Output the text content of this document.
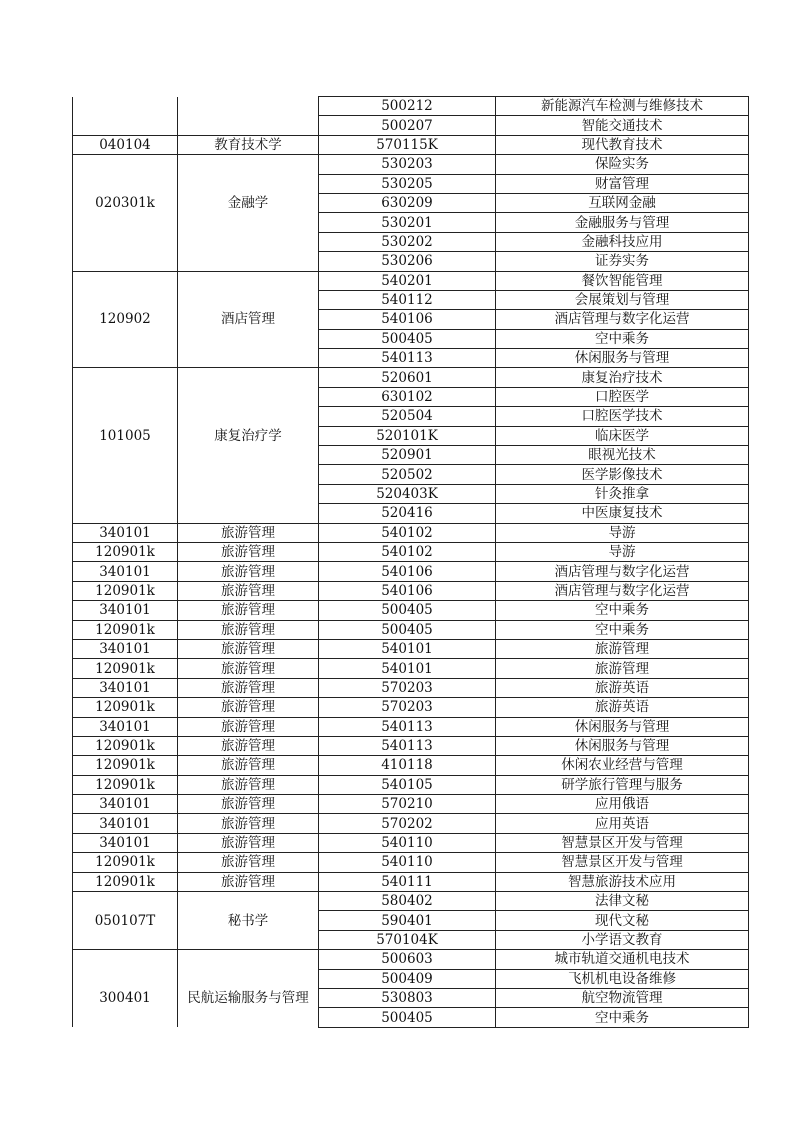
		500212	新能源汽车检测与维修技术
		500207	智能交通技术
040104	教育技术学	570115K	现代教育技术
		530203	保险实务
		530205	财富管理
020301k	金融学	630209	互联网金融
		530201	金融服务与管理
		530202	金融科技应用
		530206	证券实务
		540201	餐饮智能管理
		540112	会展策划与管理
120902	酒店管理	540106	酒店管理与数字化运营
		500405	空中乘务
		540113	休闲服务与管理
		520601	康复治疗技术
		630102	口腔医学
		520504	口腔医学技术
101005	康复治疗学	520101K	临床医学
		520901	眼视光技术
		520502	医学影像技术
		520403K	针灸推拿
		520416	中医康复技术
340101	旅游管理	540102	导游
120901k	旅游管理	540102	导游
340101	旅游管理	540106	酒店管理与数字化运营
120901k	旅游管理	540106	酒店管理与数字化运营
340101	旅游管理	500405	空中乘务
120901k	旅游管理	500405	空中乘务
340101	旅游管理	540101	旅游管理
120901k	旅游管理	540101	旅游管理
340101	旅游管理	570203	旅游英语
120901k	旅游管理	570203	旅游英语
340101	旅游管理	540113	休闲服务与管理
120901k	旅游管理	540113	休闲服务与管理
120901k	旅游管理	410118	休闲农业经营与管理
120901k	旅游管理	540105	研学旅行管理与服务
340101	旅游管理	570210	应用俄语
340101	旅游管理	570202	应用英语
340101	旅游管理	540110	智慧景区开发与管理
120901k	旅游管理	540110	智慧景区开发与管理
120901k	旅游管理	540111	智慧旅游技术应用
		580402	法律文秘
050107T	秘书学	590401	现代文秘
		570104K	小学语文教育
		500603	城市轨道交通机电技术
		500409	飞机机电设备维修
300401	民航运输服务与管理	530803	航空物流管理
		500405	空中乘务
